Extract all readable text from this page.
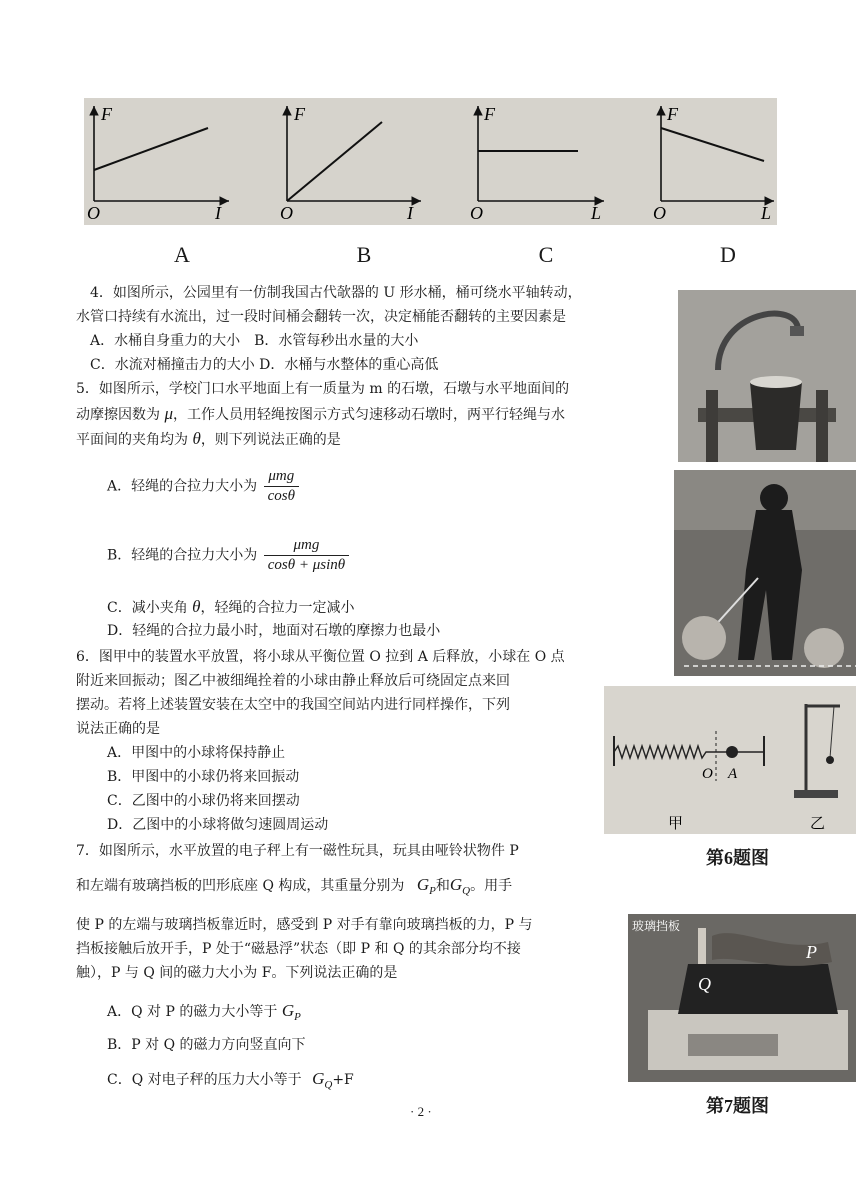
F
O	I
F
O	I
F
O	L
F
O	L
A	B	C	D
4．如图所示，公园里有一仿制我国古代欹器的 U 形水桶，桶可绕水平轴转动，
水管口持续有水流出，过一段时间桶会翻转一次，决定桶能否翻转的主要因素是
A．水桶自身重力的大小　B．水管每秒出水量的大小
C．水流对桶撞击力的大小 D．水桶与水整体的重心高低
5．如图所示，学校门口水平地面上有一质量为 m 的石墩，石墩与水平地面间的
动摩擦因数为 μ，工作人员用轻绳按图示方式匀速移动石墩时，两平行轻绳与水
平面间的夹角均为 θ，则下列说法正确的是
A．轻绳的合拉力大小为 $\frac{\text{μmg}}{\cos\theta}$
B．轻绳的合拉力大小为 $\frac{\text{μmg}}{\cos\theta + \mu\sin\theta}$
C．减小夹角 θ，轻绳的合拉力一定减小
D．轻绳的合拉力最小时，地面对石墩的摩擦力也最小
6．图甲中的装置水平放置，将小球从平衡位置 O 拉到 A 后释放，小球在 O 点
附近来回振动；图乙中被细绳拴着的小球由静止释放后可绕固定点来回
摆动。若将上述装置安装在太空中的我国空间站内进行同样操作，下列
说法正确的是
A．甲图中的小球将保持静止
B．甲图中的小球仍将来回振动
C．乙图中的小球仍将来回摆动
D．乙图中的小球将做匀速圆周运动
O A
甲	乙
第6题图
7．如图所示，水平放置的电子秤上有一磁性玩具，玩具由哑铃状物件 P
和左端有玻璃挡板的凹形底座 Q 构成，其重量分别为 $G_P$和$G_Q$。用手
使 P 的左端与玻璃挡板靠近时，感受到 P 对手有靠向玻璃挡板的力，P 与
挡板接触后放开手，P 处于“磁悬浮”状态（即 P 和 Q 的其余部分均不接
触），P 与 Q 间的磁力大小为 F。下列说法正确的是
A．Q 对 P 的磁力大小等于 $G_P$
B．P 对 Q 的磁力方向竖直向下
C．Q 对电子秤的压力大小等于 $G_Q+F$
玻璃挡板
Q
P
第7题图
· 2 ·
